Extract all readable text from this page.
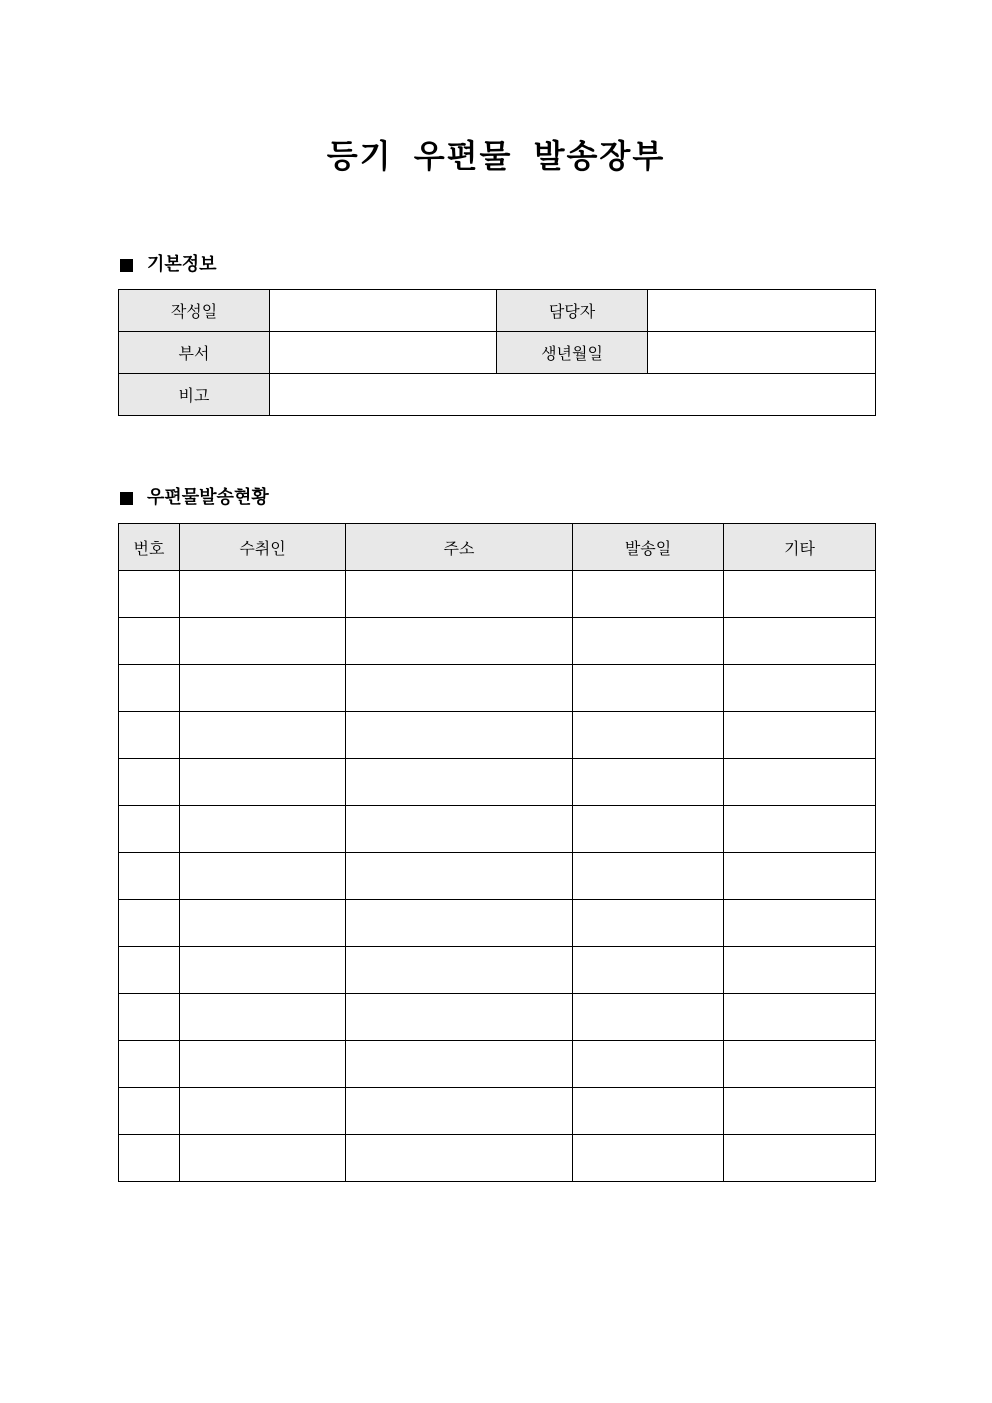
등기 우편물 발송장부
기본정보
작성일		담당자	
부서		생년월일	
비고			
우편물발송현황
번호	수취인	주소	발송일	기타
